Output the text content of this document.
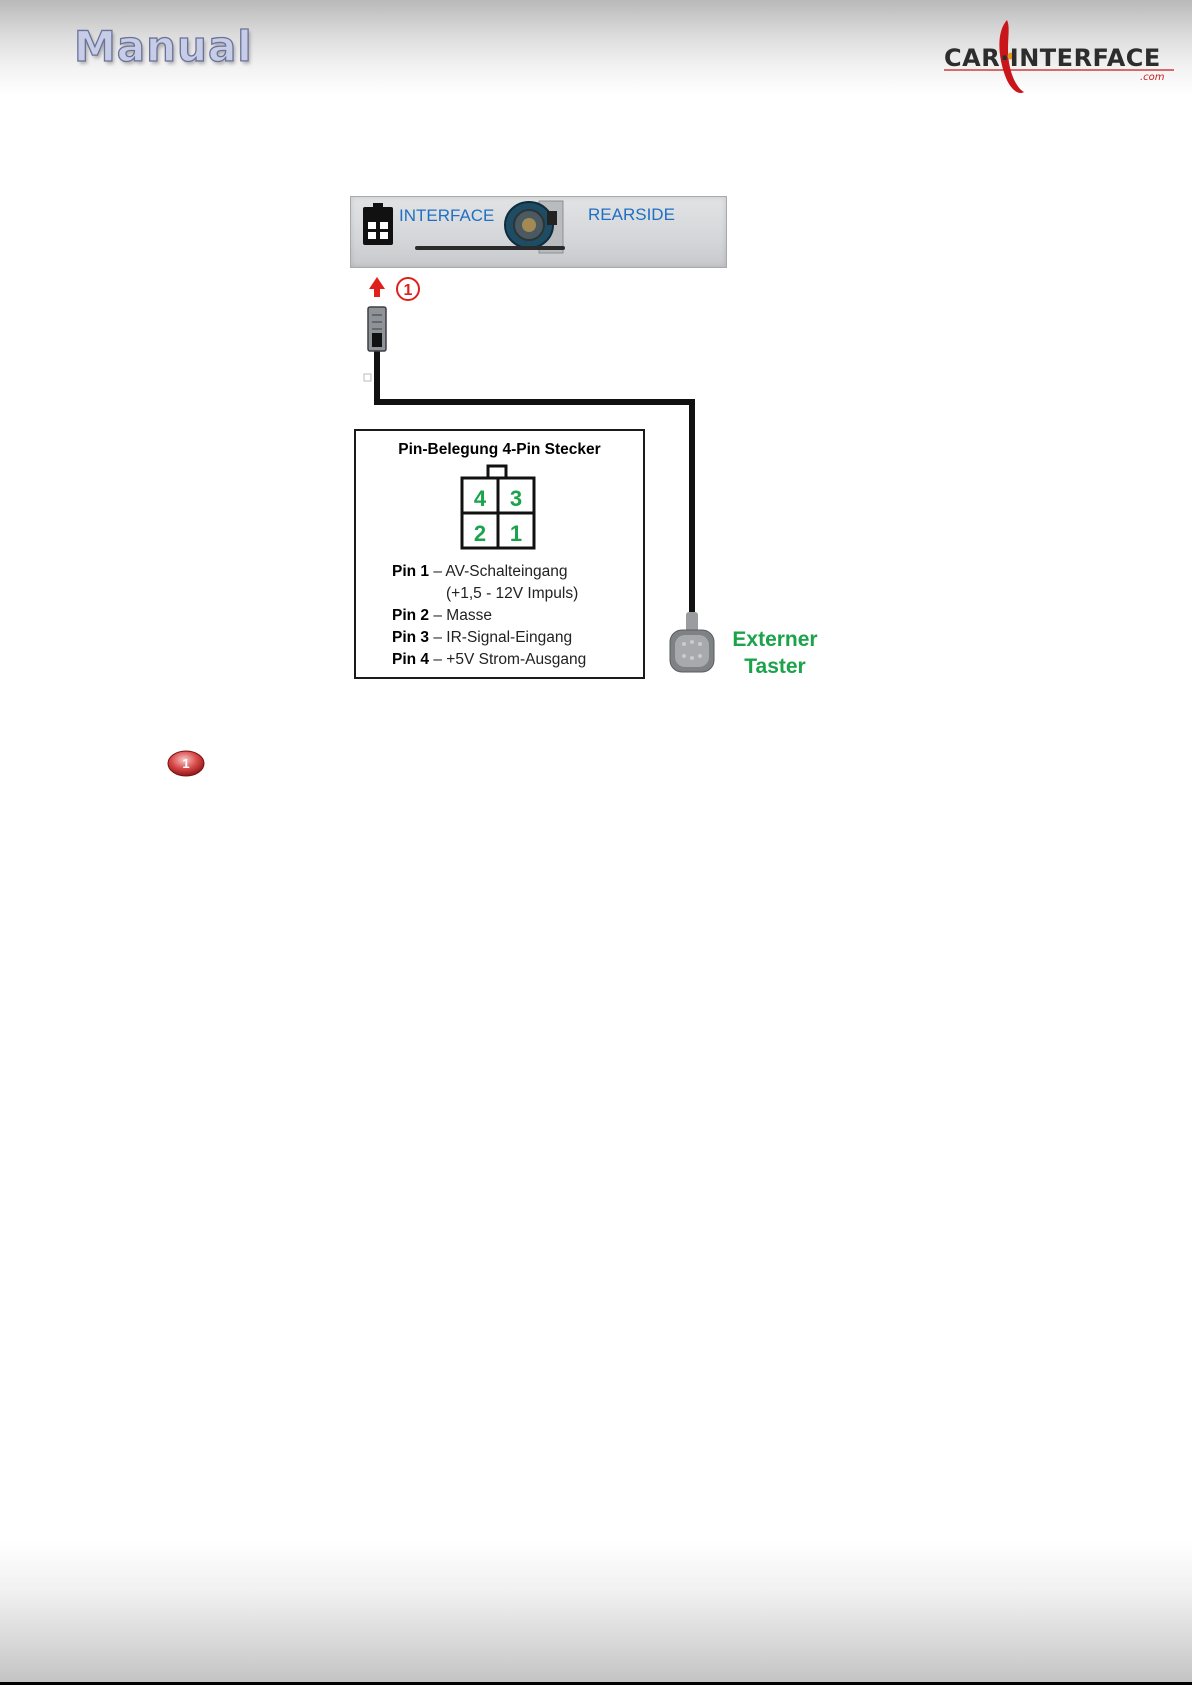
Manual	CAR·INTERFACE
.com
INTERFACE	REARSIDE
1
Pin-Belegung 4-Pin Stecker
4 3
2 1
Pin 1 – AV-Schalteingang
(+1,5 - 12V Impuls)
Pin 2 – Masse
Pin 3 – IR-Signal-Eingang
Pin 4 – +5V Strom-Ausgang
Externer
Taster
1
